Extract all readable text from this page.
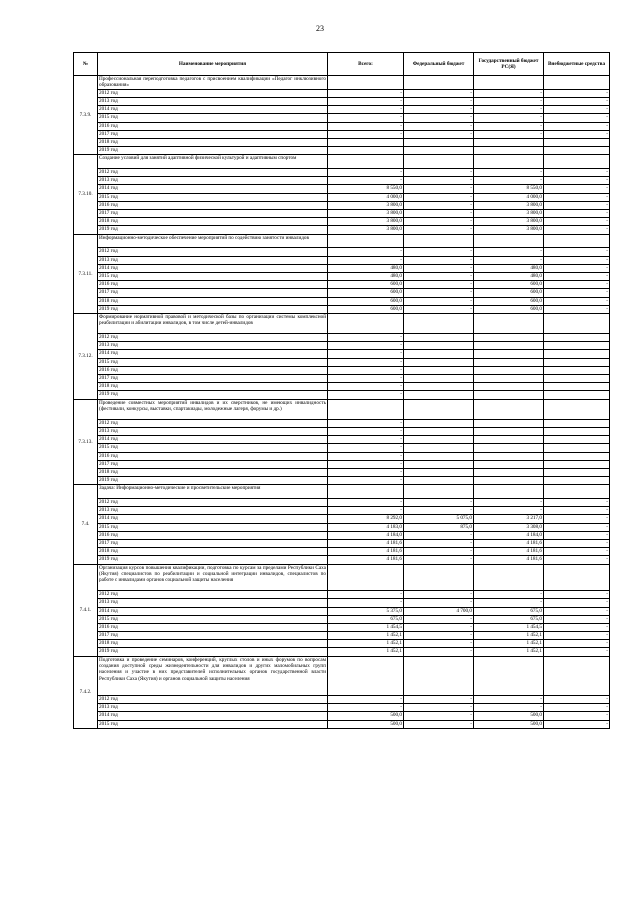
23
№	Наименование мероприятия	Всего:	Федеральный бюджет	Государственный бюджет РС(Я)	Внебюджетные средства
7.3.9.	Профессиональная переподготовка педагогов с присвоением квалификации «Педагог инклюзивного образования»				
	2012 год	-	-	-	-
	2013 год	-	-	-	-
	2014 год	-	-	-	-
	2015 год	-	-	-	-
	2016 год	-	-	-	-
	2017 год	-	-	-	-
	2018 год				
	2019 год				
7.3.10.	Создание условий для занятий адаптивной физической культурой и адаптивным спортом				
	2012 год	-	-	-	-
	2013 год	-	-	-	-
	2014 год	8 550,0	-	8 550,0	-
	2015 год	4 000,0	-	4 000,0	-
	2016 год	3 800,0	-	3 800,0	-
	2017 год	3 800,0	-	3 800,0	-
	2018 год	3 800,0	-	3 800,0	-
	2019 год	3 800,0	-	3 800,0	-
7.3.11.	Информационно-методическое обеспечение мероприятий по содействию занятости инвалидов				
	2012 год	-	-	-	-
	2013 год	-	-	-	-
	2014 год	480,0	-	480,0	-
	2015 год	480,0	-	480,0	-
	2016 год	600,0	-	600,0	-
	2017 год	600,0	-	600,0	-
	2018 год	600,0	-	600,0	-
	2019 год	600,0	-	600,0	-
7.3.12.	Формирование нормативной правовой и методической базы по организации системы комплексной реабилитации и абилитации инвалидов, в том числе детей-инвалидов				
	2012 год	-			
	2013 год	-			
	2014 год	-			
	2015 год	-			
	2016 год	-			
	2017 год	-			
	2018 год	-			
	2019 год	-			
7.3.13.	Проведение совместных мероприятий инвалидов и их сверстников, не имеющих инвалидность (фестивали, конкурсы, выставки, спартакиады, молодежные лагеря, форумы и др.)				
	2012 год	-			
	2013 год	-			
	2014 год	-			
	2015 год	-			
	2016 год	-			
	2017 год	-			
	2018 год	-			
	2019 год	-			
7.4.	Задача: Информационно-методические и просветительские мероприятия				
	2012 год	-	-	-	-
	2013 год	-	-	-	-
	2014 год	8 292,0	5 075,0	3 217,0	-
	2015 год	4 183,0	875,0	3 308,0	-
	2016 год	4 184,0	-	4 184,0	-
	2017 год	4 181,6	-	4 181,6	-
	2018 год	4 181,6	-	4 181,6	-
	2019 год	4 181,6	-	4 181,6	-
7.4.1.	Организация курсов повышения квалификации, подготовка по курсам за пределами Республики Саха (Якутия) специалистов по реабилитации и социальной интеграции инвалидов, специалистов по работе с инвалидами органов социальной защиты населения				
	2012 год	-	-	-	-
	2013 год	-	-	-	-
	2014 год	5 375,0	4 700,0	675,0	-
	2015 год	675,0	-	675,0	-
	2016 год	1 454,5	-	1 454,5	-
	2017 год	1 452,1	-	1 452,1	-
	2018 год	1 452,1	-	1 452,1	-
	2019 год	1 452,1	-	1 452,1	-
7.4.2.	Подготовка и проведение семинаров, конференций, круглых столов и иных форумов по вопросам создания доступной среды жизнедеятельности для инвалидов и других маломобильных групп населения и участие в них представителей исполнительных органов государственной власти Республики Саха (Якутия) и органов социальной защиты населения				
	2012 год	-	-	-	-
	2013 год	-	-	-	-
	2014 год	500,0	-	500,0	-
	2015 год	500,0	-	500,0	-
